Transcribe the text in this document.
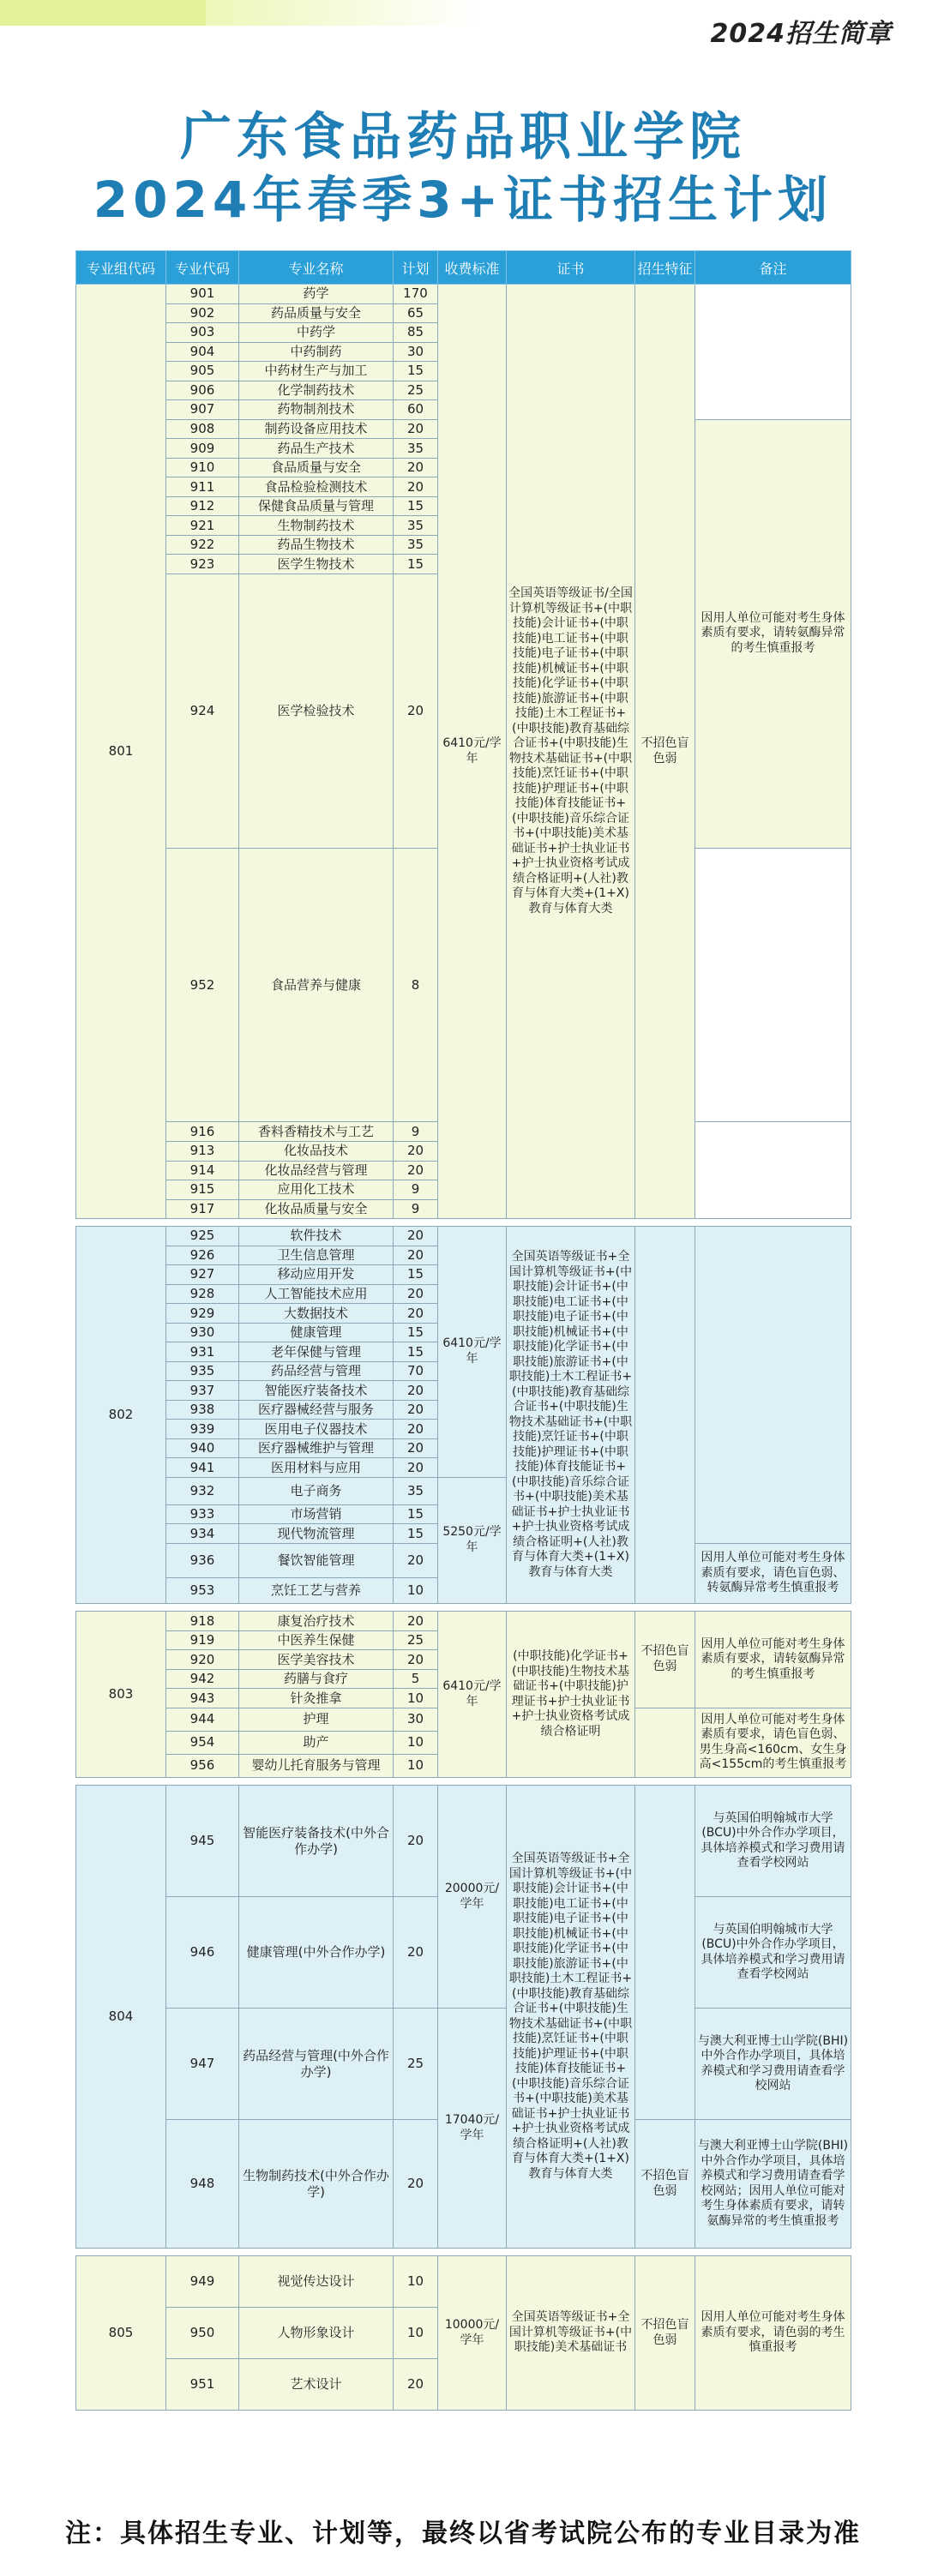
2024招生简章
广东食品药品职业学院
2024年春季3+证书招生计划
专业组代码	专业代码	专业名称	计划	收费标准	证书	招生特征	备注	
801	901	药学	170	6410元/学年	全国英语等级证书/全国计算机等级证书+(中职技能)会计证书+(中职技能)电工证书+(中职技能)电子证书+(中职技能)机械证书+(中职技能)化学证书+(中职技能)旅游证书+(中职技能)土木工程证书+(中职技能)教育基础综合证书+(中职技能)生物技术基础证书+(中职技能)烹饪证书+(中职技能)护理证书+(中职技能)体育技能证书+(中职技能)音乐综合证书+(中职技能)美术基础证书+护士执业证书+护士执业资格考试成绩合格证明+(人社)教育与体育大类+(1+X)教育与体育大类	不招色盲色弱		
	902	药品质量与安全	65					
	903	中药学	85					
	904	中药制药	30					
	905	中药材生产与加工	15					
	906	化学制药技术	25					
	907	药物制剂技术	60					
	908	制药设备应用技术	20				因用人单位可能对考生身体素质有要求，请转氨酶异常的考生慎重报考	
	909	药品生产技术	35					
	910	食品质量与安全	20					
	911	食品检验检测技术	20					
	912	保健食品质量与管理	15					
	921	生物制药技术	35					
	922	药品生物技术	35					
	923	医学生物技术	15					
	924	医学检验技术	20	
	952	食品营养与健康	8					
	916	香料香精技术与工艺	9					
	913	化妆品技术	20					
	914	化妆品经营与管理	20					
	915	应用化工技术	9					
	917	化妆品质量与安全	9					

802	925	软件技术	20	6410元/学年	全国英语等级证书+全国计算机等级证书+(中职技能)会计证书+(中职技能)电工证书+(中职技能)电子证书+(中职技能)机械证书+(中职技能)化学证书+(中职技能)旅游证书+(中职技能)土木工程证书+(中职技能)教育基础综合证书+(中职技能)生物技术基础证书+(中职技能)烹饪证书+(中职技能)护理证书+(中职技能)体育技能证书+(中职技能)音乐综合证书+(中职技能)美术基础证书+护士执业证书+护士执业资格考试成绩合格证明+(人社)教育与体育大类+(1+X)教育与体育大类			
	926	卫生信息管理	20					
	927	移动应用开发	15					
	928	人工智能技术应用	20					
	929	大数据技术	20					
	930	健康管理	15					
	931	老年保健与管理	15					
	935	药品经营与管理	70					
	937	智能医疗装备技术	20					
	938	医疗器械经营与服务	20					
	939	医用电子仪器技术	20					
	940	医疗器械维护与管理	20					
	941	医用材料与应用	20					
	932	电子商务	35	5250元/学年				
	933	市场营销	15					
	934	现代物流管理	15					
	936	餐饮智能管理	20				因用人单位可能对考生身体素质有要求，请色盲色弱、转氨酶异常考生慎重报考	
	953	烹饪工艺与营养	10					

803	918	康复治疗技术	20	6410元/学年	(中职技能)化学证书+(中职技能)生物技术基础证书+(中职技能)护理证书+护士执业证书+护士执业资格考试成绩合格证明	不招色盲色弱	因用人单位可能对考生身体素质有要求，请转氨酶异常的考生慎重报考	
	919	中医养生保健	25					
	920	医学美容技术	20					
	942	药膳与食疗	5					
	943	针灸推拿	10					
	944	护理	30				因用人单位可能对考生身体素质有要求，请色盲色弱、男生身高<160cm、女生身高<155cm的考生慎重报考	
	954	助产	10					
	956	婴幼儿托育服务与管理	10					

804	945	智能医疗装备技术(中外合作办学)	20	20000元/学年	全国英语等级证书+全国计算机等级证书+(中职技能)会计证书+(中职技能)电工证书+(中职技能)电子证书+(中职技能)机械证书+(中职技能)化学证书+(中职技能)旅游证书+(中职技能)土木工程证书+(中职技能)教育基础综合证书+(中职技能)生物技术基础证书+(中职技能)烹饪证书+(中职技能)护理证书+(中职技能)体育技能证书+(中职技能)音乐综合证书+(中职技能)美术基础证书+护士执业证书+护士执业资格考试成绩合格证明+(人社)教育与体育大类+(1+X)教育与体育大类		与英国伯明翰城市大学(BCU)中外合作办学项目，具体培养模式和学习费用请查看学校网站	
	946	健康管理(中外合作办学)	20				与英国伯明翰城市大学(BCU)中外合作办学项目，具体培养模式和学习费用请查看学校网站	
	947	药品经营与管理(中外合作办学)	25	17040元/学年			与澳大利亚博士山学院(BHI)中外合作办学项目，具体培养模式和学习费用请查看学校网站	
	948	生物制药技术(中外合作办学)	20			不招色盲色弱	与澳大利亚博士山学院(BHI)中外合作办学项目，具体培养模式和学习费用请查看学校网站；因用人单位可能对考生身体素质有要求，请转氨酶异常的考生慎重报考	

805	949	视觉传达设计	10	10000元/学年	全国英语等级证书+全国计算机等级证书+(中职技能)美术基础证书	不招色盲色弱	因用人单位可能对考生身体素质有要求，请色弱的考生慎重报考	
	950	人物形象设计	10					
	951	艺术设计	20					
注：具体招生专业、计划等，最终以省考试院公布的专业目录为准
